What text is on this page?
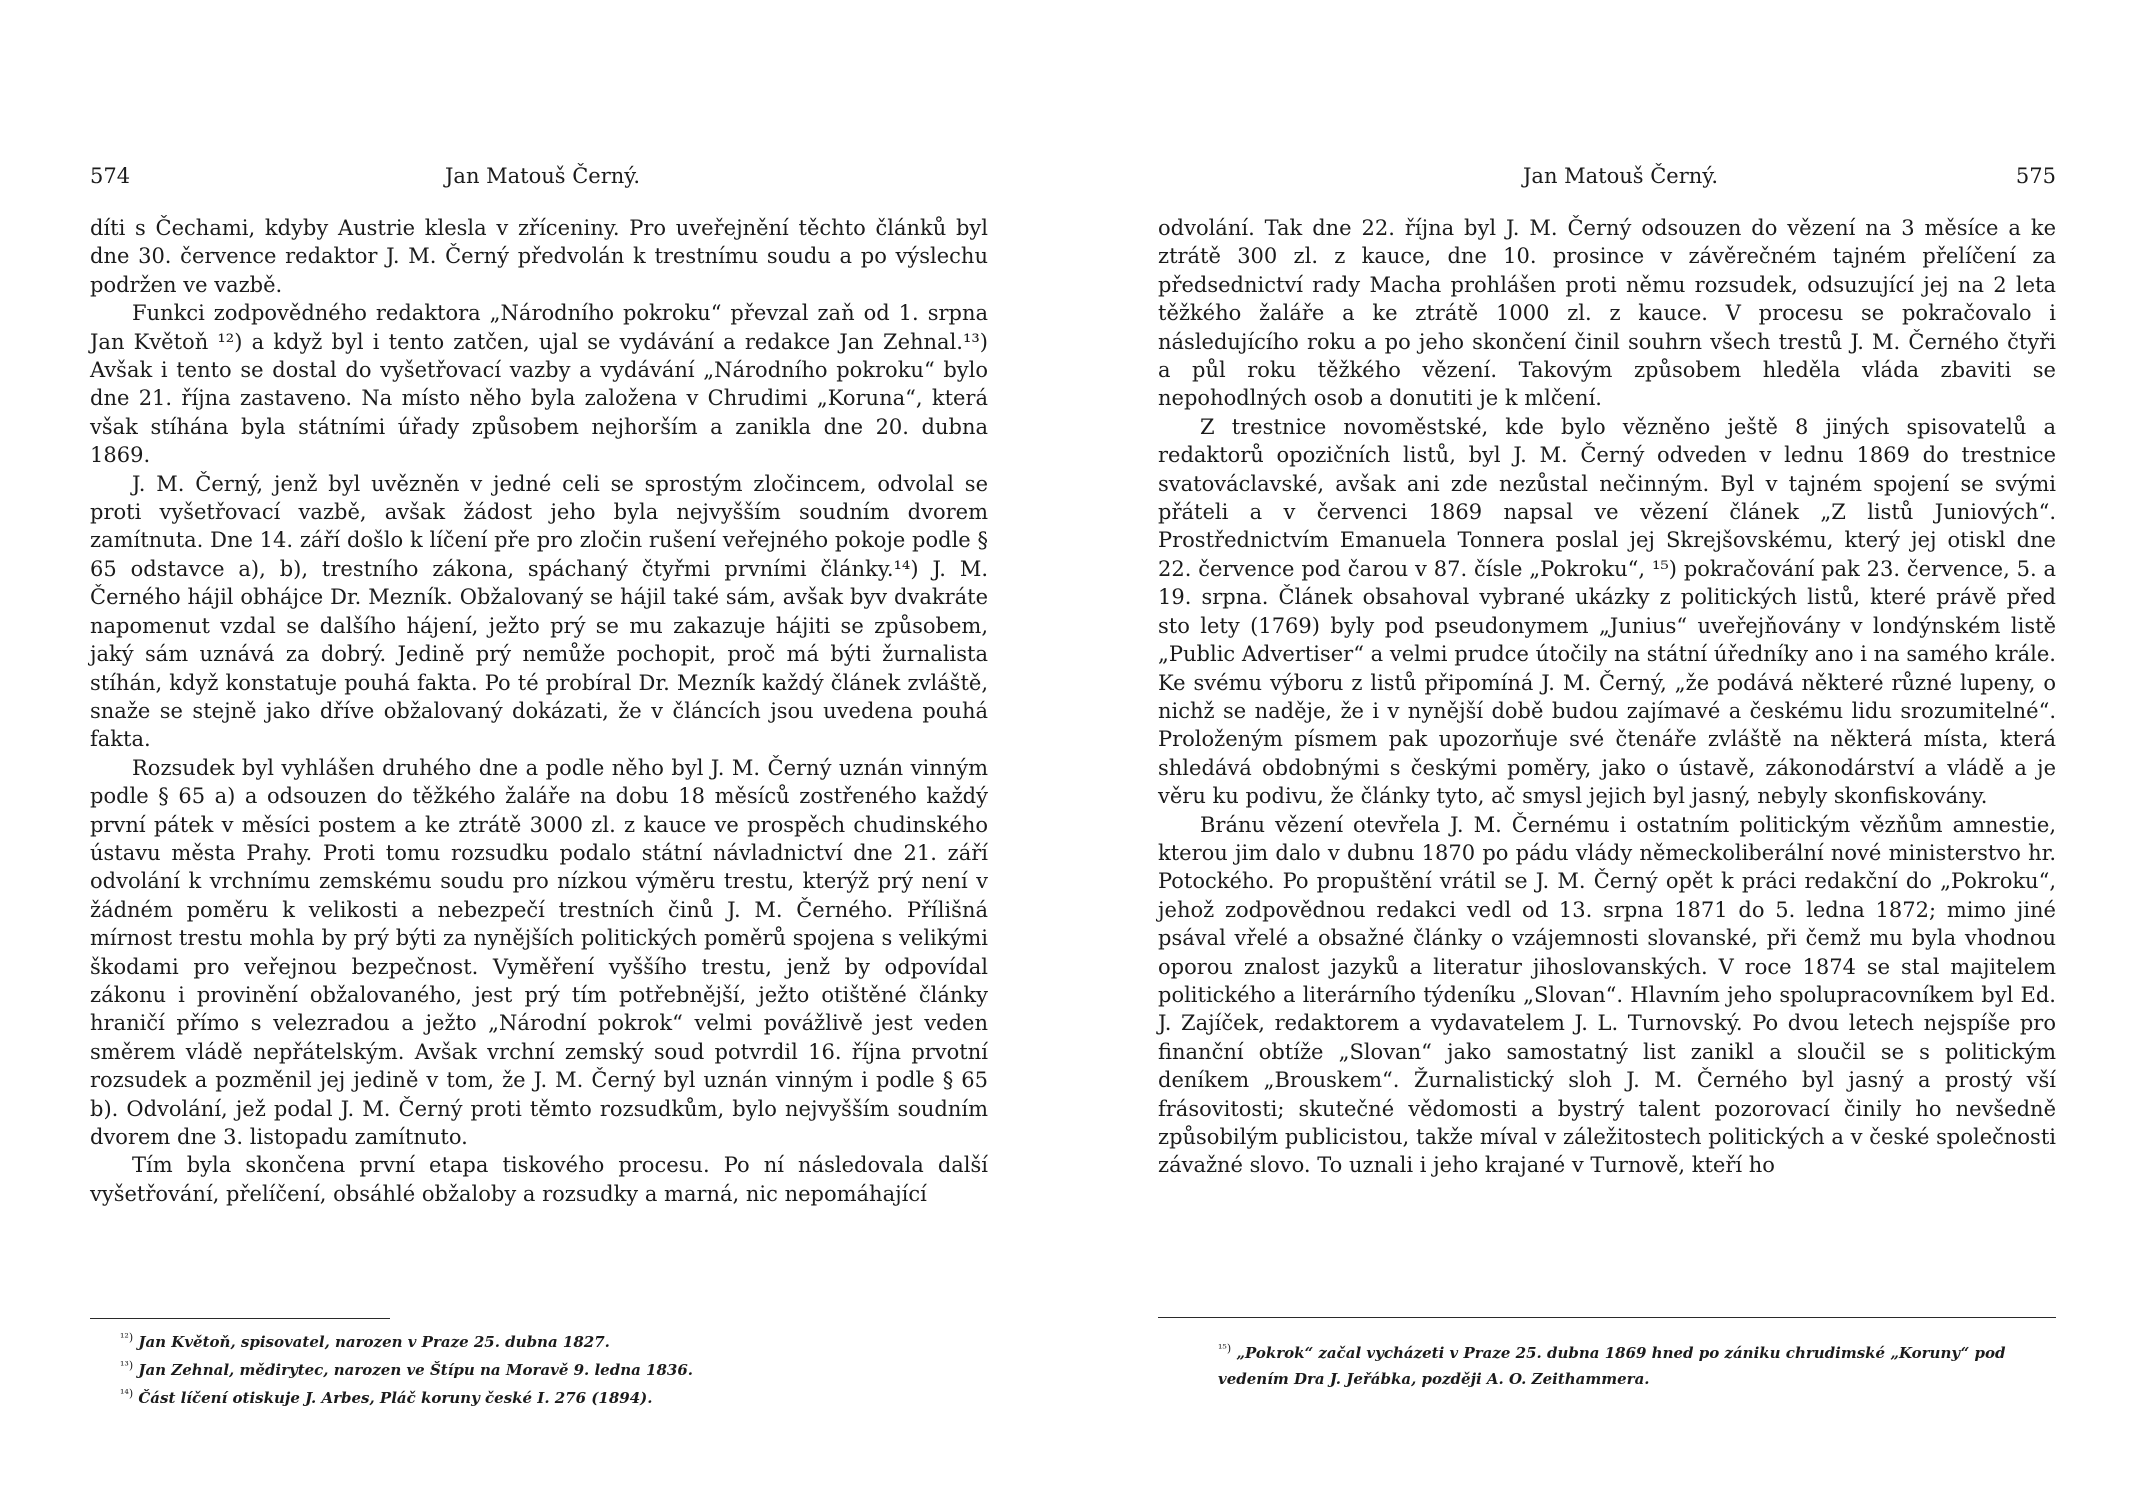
574	Jan Matouš Černý.

díti s Čechami, kdyby Austrie klesla v zříceniny. Pro uveřejnění těchto článků byl dne 30. července redaktor J. M. Černý předvolán k trestnímu soudu a po výslechu podržen ve vazbě.

Funkci zodpovědného redaktora „Národního pokroku“ převzal zaň od 1. srpna Jan Květoň ¹²) a když byl i tento zatčen, ujal se vydávání a redakce Jan Zehnal.¹³) Avšak i tento se dostal do vyšetřovací vazby a vydávání „Národního pokroku“ bylo dne 21. října zastaveno. Na místo něho byla založena v Chrudimi „Koruna“, která však stíhána byla státními úřady způsobem nejhorším a zanikla dne 20. dubna 1869.

J. M. Černý, jenž byl uvězněn v jedné celi se sprostým zločincem, odvolal se proti vyšetřovací vazbě, avšak žádost jeho byla nejvyšším soudním dvorem zamítnuta. Dne 14. září došlo k líčení pře pro zločin rušení veřejného pokoje podle § 65 odstavce a), b), trestního zákona, spáchaný čtyřmi prvními články.¹⁴) J. M. Černého hájil obhájce Dr. Mezník. Obžalovaný se hájil také sám, avšak byv dvakráte napomenut vzdal se dalšího hájení, ježto prý se mu zakazuje hájiti se způsobem, jaký sám uznává za dobrý. Jedině prý nemůže pochopit, proč má býti žurnalista stíhán, když konstatuje pouhá fakta. Po té probíral Dr. Mezník každý článek zvláště, snaže se stejně jako dříve obžalovaný dokázati, že v článcích jsou uvedena pouhá fakta.

Rozsudek byl vyhlášen druhého dne a podle něho byl J. M. Černý uznán vinným podle § 65 a) a odsouzen do těžkého žaláře na dobu 18 měsíců zostřeného každý první pátek v měsíci postem a ke ztrátě 3000 zl. z kauce ve prospěch chudinského ústavu města Prahy. Proti tomu rozsudku podalo státní návladnictví dne 21. září odvolání k vrchnímu zemskému soudu pro nízkou výměru trestu, kterýž prý není v žádném poměru k velikosti a nebezpečí trestních činů J. M. Černého. Přílišná mírnost trestu mohla by prý býti za nynějších politických poměrů spojena s velikými škodami pro veřejnou bezpečnost. Vyměření vyššího trestu, jenž by odpovídal zákonu i provinění obžalovaného, jest prý tím potřebnější, ježto otištěné články hraničí přímo s velezradou a ježto „Národní pokrok“ velmi povážlivě jest veden směrem vládě nepřátelským. Avšak vrchní zemský soud potvrdil 16. října prvotní rozsudek a pozměnil jej jedině v tom, že J. M. Černý byl uznán vinným i podle § 65 b). Odvolání, jež podal J. M. Černý proti těmto rozsudkům, bylo nejvyšším soudním dvorem dne 3. listopadu zamítnuto.

Tím byla skončena první etapa tiskového procesu. Po ní následovala další vyšetřování, přelíčení, obsáhlé obžaloby a rozsudky a marná, nic nepomáhající

$^{^{12})}$ Jan Květoň, spisovatel, narozen v Praze 25. dubna 1827.

$^{^{13})}$ Jan Zehnal, mědirytec, narozen ve Štípu na Moravě 9. ledna 1836.

$^{^{14})}$ Část líčení otiskuje J. Arbes, Pláč koruny české I. 276 (1894).

Jan Matouš Černý.	575

odvolání. Tak dne 22. října byl J. M. Černý odsouzen do vězení na 3 měsíce a ke ztrátě 300 zl. z kauce, dne 10. prosince v závěrečném tajném přelíčení za předsednictví rady Macha prohlášen proti němu rozsudek, odsuzující jej na 2 leta těžkého žaláře a ke ztrátě 1000 zl. z kauce. V procesu se pokračovalo i následujícího roku a po jeho skončení činil souhrn všech trestů J. M. Černého čtyři a půl roku těžkého vězení. Takovým způsobem hleděla vláda zbaviti se nepohodlných osob a donutiti je k mlčení.

Z trestnice novoměstské, kde bylo vězněno ještě 8 jiných spisovatelů a redaktorů opozičních listů, byl J. M. Černý odveden v lednu 1869 do trestnice svatováclavské, avšak ani zde nezůstal nečinným. Byl v tajném spojení se svými přáteli a v červenci 1869 napsal ve vězení článek „Z listů Juniových“. Prostřednictvím Emanuela Tonnera poslal jej Skrejšovskému, který jej otiskl dne 22. července pod čarou v 87. čísle „Pokroku“, ¹⁵) pokračování pak 23. července, 5. a 19. srpna. Článek obsahoval vybrané ukázky z politických listů, které právě před sto lety (1769) byly pod pseudonymem „Junius“ uveřejňovány v londýnském listě „Public Advertiser“ a velmi prudce útočily na státní úředníky ano i na samého krále. Ke svému výboru z listů připomíná J. M. Černý, „že podává některé různé lupeny, o nichž se naděje, že i v nynější době budou zajímavé a českému lidu srozumitelné“. Proloženým písmem pak upozorňuje své čtenáře zvláště na některá místa, která shledává obdobnými s českými poměry, jako o ústavě, zákonodárství a vládě a je věru ku podivu, že články tyto, ač smysl jejich byl jasný, nebyly skonfiskovány.

Bránu vězení otevřela J. M. Černému i ostatním politickým vězňům amnestie, kterou jim dalo v dubnu 1870 po pádu vlády německoliberální nové ministerstvo hr. Potockého. Po propuštění vrátil se J. M. Černý opět k práci redakční do „Pokroku“, jehož zodpovědnou redakci vedl od 13. srpna 1871 do 5. ledna 1872; mimo jiné psával vřelé a obsažné články o vzájemnosti slovanské, při čemž mu byla vhodnou oporou znalost jazyků a literatur jihoslovanských. V roce 1874 se stal majitelem politického a literárního týdeníku „Slovan“. Hlavním jeho spolupracovníkem byl Ed. J. Zajíček, redaktorem a vydavatelem J. L. Turnovský. Po dvou letech nejspíše pro finanční obtíže „Slovan“ jako samostatný list zanikl a sloučil se s politickým deníkem „Brouskem“. Žurnalistický sloh J. M. Černého byl jasný a prostý vší frásovitosti; skutečné vědomosti a bystrý talent pozorovací činily ho nevšedně způsobilým publicistou, takže míval v záležitostech politických a v české společnosti závažné slovo. To uznali i jeho krajané v Turnově, kteří ho

$^{^{15})}$ „Pokrok“ začal vycházeti v Praze 25. dubna 1869 hned po zániku chrudimské „Koruny“ pod vedením Dra J. Jeřábka, později A. O. Zeithammera.
